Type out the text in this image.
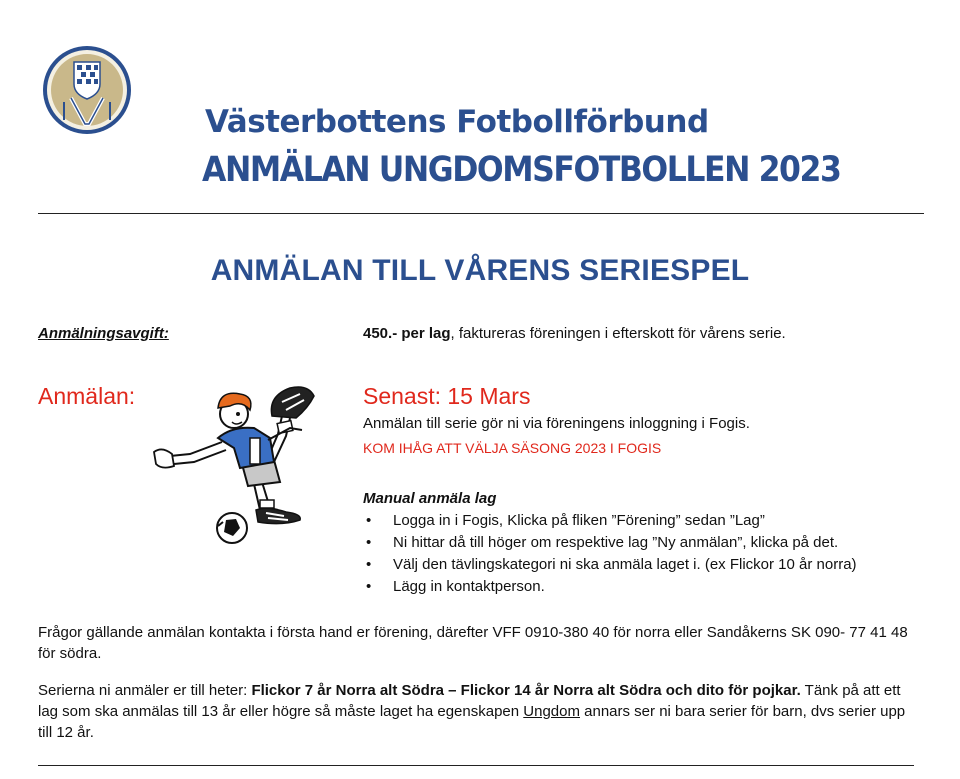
Västerbottens Fotbollförbund
ANMÄLAN UNGDOMSFOTBOLLEN 2023
ANMÄLAN TILL VÅRENS SERIESPEL
Anmälningsavgift:	450.- per lag, faktureras föreningen i efterskott för vårens serie.
Anmälan:	Senast: 15 Mars
Anmälan till serie gör ni via föreningens inloggning i Fogis.
KOM IHÅG ATT VÄLJA SÄSONG 2023 I FOGIS
Manual anmäla lag
• Logga in i Fogis, Klicka på fliken ”Förening” sedan ”Lag”
• Ni hittar då till höger om respektive lag ”Ny anmälan”, klicka på det.
• Välj den tävlingskategori ni ska anmäla laget i. (ex Flickor 10 år norra)
• Lägg in kontaktperson.
Frågor gällande anmälan kontakta i första hand er förening, därefter VFF 0910-380 40 för norra eller Sandåkerns SK 090- 77 41 48 för södra.
Serierna ni anmäler er till heter: Flickor 7 år Norra alt Södra – Flickor 14 år Norra alt Södra och dito för pojkar. Tänk på att ett lag som ska anmälas till 13 år eller högre så måste laget ha egenskapen Ungdom annars ser ni bara serier för barn, dvs serier upp till 12 år.
